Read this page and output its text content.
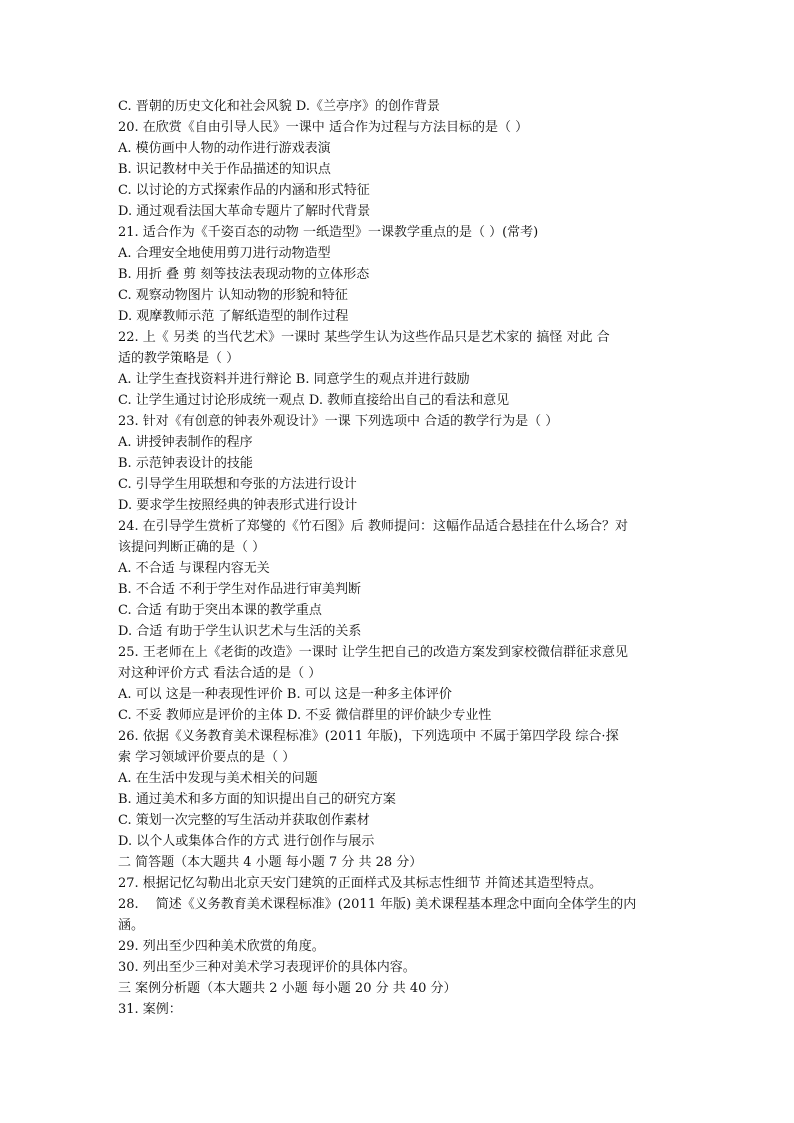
C. 晋朝的历史文化和社会风貌 D.《兰亭序》的创作背景
20. 在欣赏《自由引导人民》一课中 适合作为过程与方法目标的是（ ）
A. 模仿画中人物的动作进行游戏表演
B. 识记教材中关于作品描述的知识点
C. 以讨论的方式探索作品的内涵和形式特征
D. 通过观看法国大革命专题片了解时代背景
21. 适合作为《千姿百态的动物 一纸造型》一课教学重点的是（ ）(常考)
A. 合理安全地使用剪刀进行动物造型
B. 用折 叠 剪 刻等技法表现动物的立体形态
C. 观察动物图片 认知动物的形貌和特征
D. 观摩教师示范 了解纸造型的制作过程
22. 上《 另类 的当代艺术》一课时 某些学生认为这些作品只是艺术家的 搞怪 对此 合
适的教学策略是（ ）
A. 让学生查找资料并进行辩论 B. 同意学生的观点并进行鼓励
C. 让学生通过讨论形成统一观点 D. 教师直接给出自己的看法和意见
23. 针对《有创意的钟表外观设计》一课 下列选项中 合适的教学行为是（ ）
A. 讲授钟表制作的程序
B. 示范钟表设计的技能
C. 引导学生用联想和夸张的方法进行设计
D. 要求学生按照经典的钟表形式进行设计
24. 在引导学生赏析了郑燮的《竹石图》后 教师提问：这幅作品适合悬挂在什么场合？对
该提问判断正确的是（ ）
A. 不合适 与课程内容无关
B. 不合适 不利于学生对作品进行审美判断
C. 合适 有助于突出本课的教学重点
D. 合适 有助于学生认识艺术与生活的关系
25. 王老师在上《老街的改造》一课时 让学生把自己的改造方案发到家校微信群征求意见
对这种评价方式 看法合适的是（ ）
A. 可以 这是一种表现性评价 B. 可以 这是一种多主体评价
C. 不妥 教师应是评价的主体 D. 不妥 微信群里的评价缺少专业性
26. 依据《义务教育美术课程标准》(2011 年版)，下列选项中 不属于第四学段 综合·探
索 学习领域评价要点的是（ ）
A. 在生活中发现与美术相关的问题
B. 通过美术和多方面的知识提出自己的研究方案
C. 策划一次完整的写生活动并获取创作素材
D. 以个人或集体合作的方式 进行创作与展示
二 简答题（本大题共 4 小题 每小题 7 分 共 28 分）
27. 根据记忆勾勒出北京天安门建筑的正面样式及其标志性细节 并简述其造型特点。
28.　 简述《义务教育美术课程标准》(2011 年版) 美术课程基本理念中面向全体学生的内
涵。
29. 列出至少四种美术欣赏的角度。
30. 列出至少三种对美术学习表现评价的具体内容。
三 案例分析题（本大题共 2 小题 每小题 20 分 共 40 分）
31. 案例：
